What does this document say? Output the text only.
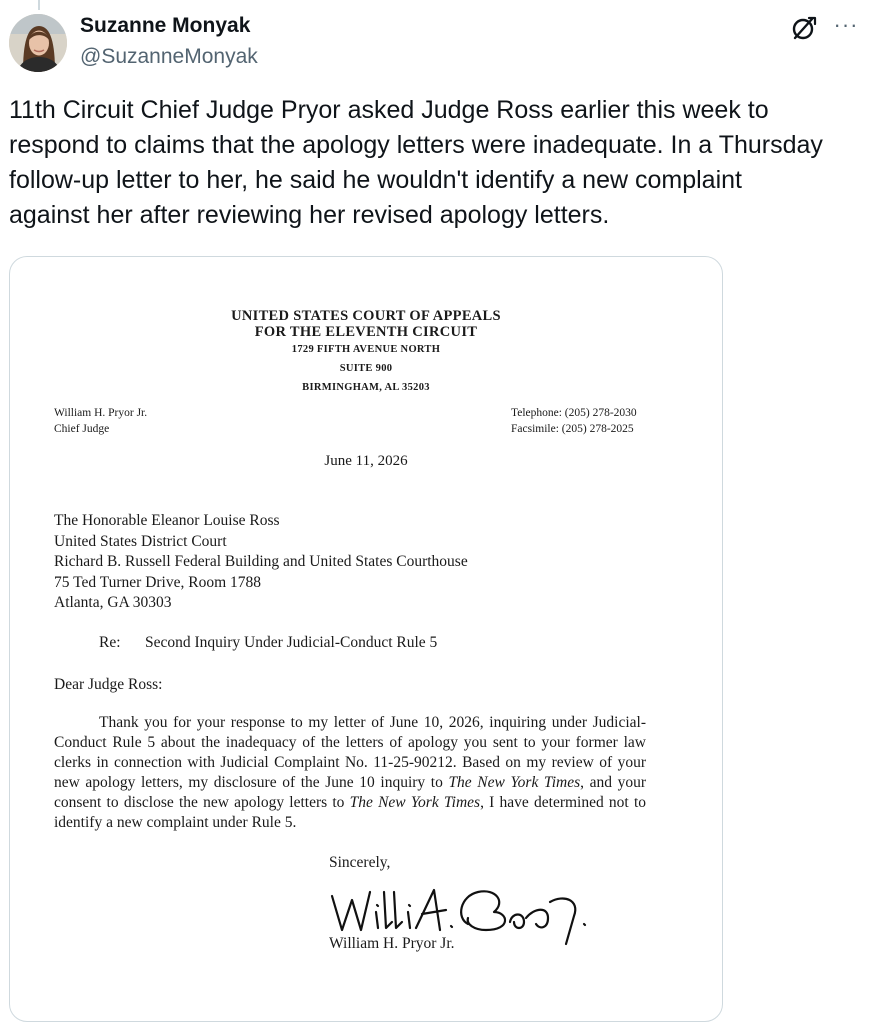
Suzanne Monyak
@SuzanneMonyak
···

11th Circuit Chief Judge Pryor asked Judge Ross earlier this week to respond to claims that the apology letters were inadequate. In a Thursday follow-up letter to her, he said he wouldn't identify a new complaint against her after reviewing her revised apology letters.

UNITED STATES COURT OF APPEALS
FOR THE ELEVENTH CIRCUIT
1729 FIFTH AVENUE NORTH
SUITE 900
BIRMINGHAM, AL 35203
William H. Pryor Jr.
Chief Judge
Telephone: (205) 278-2030
Facsimile: (205) 278-2025
June 11, 2026
The Honorable Eleanor Louise Ross
United States District Court
Richard B. Russell Federal Building and United States Courthouse
75 Ted Turner Drive, Room 1788
Atlanta, GA 30303
Re: Second Inquiry Under Judicial-Conduct Rule 5
Dear Judge Ross:

Thank you for your response to my letter of June 10, 2026, inquiring under Judicial-Conduct Rule 5 about the inadequacy of the letters of apology you sent to your former law clerks in connection with Judicial Complaint No. 11-25-90212. Based on my review of your new apology letters, my disclosure of the June 10 inquiry to The New York Times, and your consent to disclose the new apology letters to The New York Times, I have determined not to identify a new complaint under Rule 5.

Sincerely,
William H. Pryor Jr.
